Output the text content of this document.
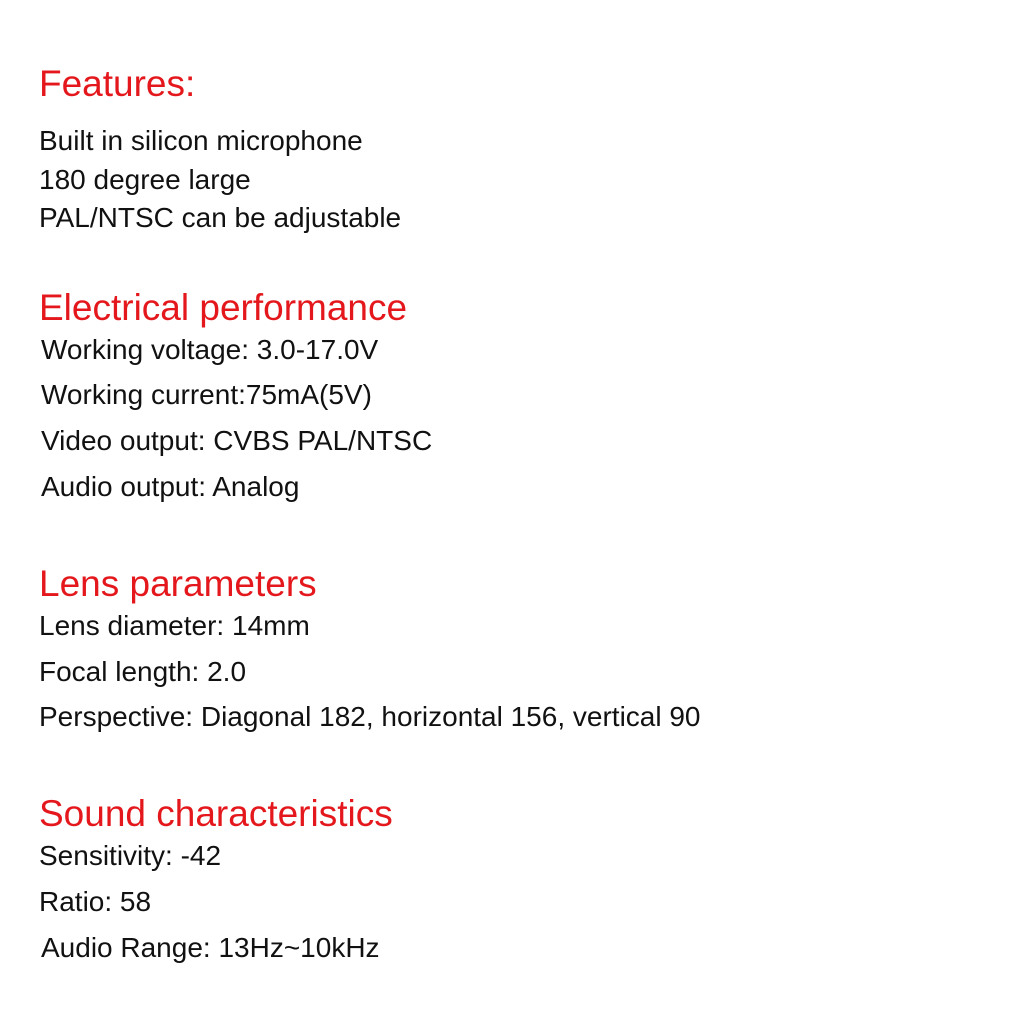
Features:

Built in silicon microphone

180 degree large

PAL/NTSC can be adjustable

Electrical performance

Working voltage: 3.0-17.0V

Working current:75mA(5V)

Video output: CVBS PAL/NTSC

Audio output: Analog

Lens parameters

Lens diameter: 14mm

Focal length: 2.0

Perspective: Diagonal 182, horizontal 156, vertical 90

Sound characteristics

Sensitivity: -42

Ratio: 58

Audio Range: 13Hz~10kHz
